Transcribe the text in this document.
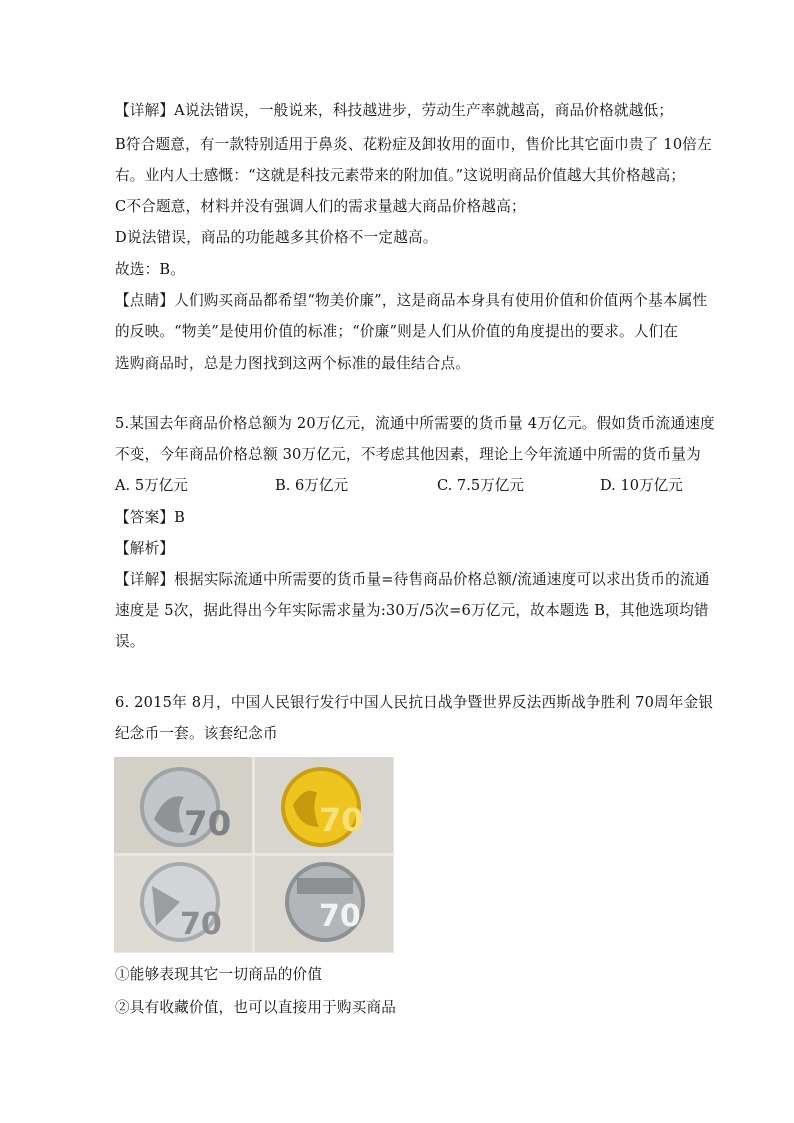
【详解】A说法错误，一般说来，科技越进步，劳动生产率就越高，商品价格就越低；
B符合题意，有一款特别适用于鼻炎、花粉症及卸妆用的面巾，售价比其它面巾贵了 10倍左
右。业内人士感慨：“这就是科技元素带来的附加值。”这说明商品价值越大其价格越高；
C不合题意，材料并没有强调人们的需求量越大商品价格越高；
D说法错误，商品的功能越多其价格不一定越高。
故选：B。
【点睛】人们购买商品都希望“物美价廉”，这是商品本身具有使用价值和价值两个基本属性
的反映。“物美”是使用价值的标准；“价廉”则是人们从价值的角度提出的要求。人们在
选购商品时，总是力图找到这两个标准的最佳结合点。
5.某国去年商品价格总额为 20万亿元，流通中所需要的货币量 4万亿元。假如货币流通速度
不变，今年商品价格总额 30万亿元，不考虑其他因素，理论上今年流通中所需的货币量为
A. 5万亿元	B. 6万亿元	C. 7.5万亿元	D. 10万亿元
【答案】B
【解析】
【详解】根据实际流通中所需要的货币量=待售商品价格总额/流通速度可以求出货币的流通
速度是 5次，据此得出今年实际需求量为:30万/5次=6万亿元，故本题选 B，其他选项均错
误。
6. 2015年 8月，中国人民银行发行中国人民抗日战争暨世界反法西斯战争胜利 70周年金银
纪念币一套。该套纪念币
70	70
70	70
①能够表现其它一切商品的价值
②具有收藏价值，也可以直接用于购买商品
